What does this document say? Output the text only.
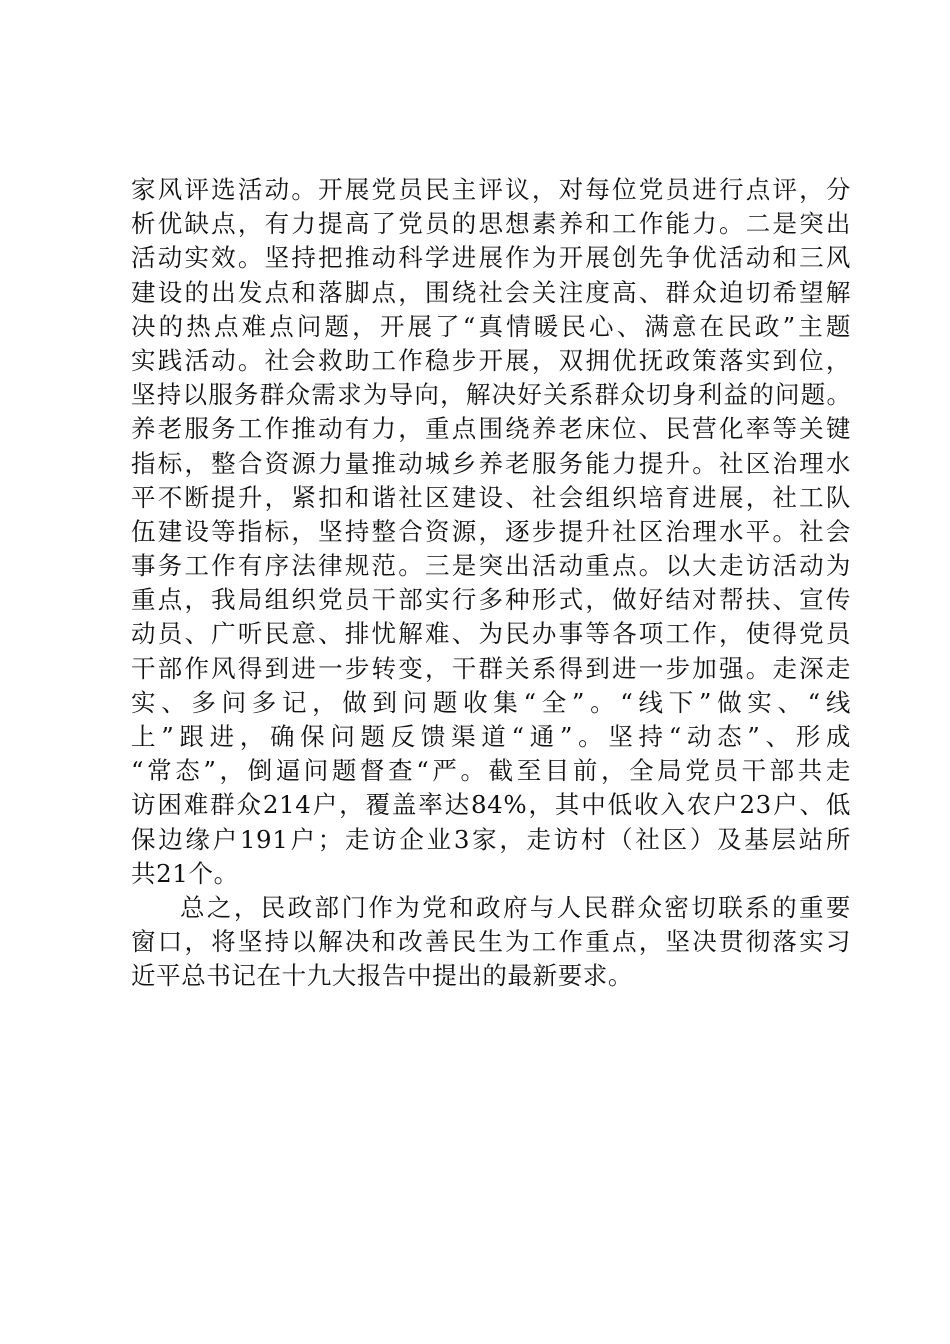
家风评选活动。开展党员民主评议，对每位党员进行点评，分
析优缺点，有力提高了党员的思想素养和工作能力。二是突出
活动实效。坚持把推动科学进展作为开展创先争优活动和三风
建设的出发点和落脚点，围绕社会关注度高、群众迫切希望解
决的热点难点问题，开展了“真情暖民心、满意在民政”主题
实践活动。社会救助工作稳步开展，双拥优抚政策落实到位，
坚持以服务群众需求为导向，解决好关系群众切身利益的问题。
养老服务工作推动有力，重点围绕养老床位、民营化率等关键
指标，整合资源力量推动城乡养老服务能力提升。社区治理水
平不断提升，紧扣和谐社区建设、社会组织培育进展，社工队
伍建设等指标，坚持整合资源，逐步提升社区治理水平。社会
事务工作有序法律规范。三是突出活动重点。以大走访活动为
重点，我局组织党员干部实行多种形式，做好结对帮扶、宣传
动员、广听民意、排忧解难、为民办事等各项工作，使得党员
干部作风得到进一步转变，干群关系得到进一步加强。走深走
实、多问多记，做到问题收集“全”。“线下”做实、“线
上”跟进，确保问题反馈渠道“通”。坚持“动态”、形成
“常态”，倒逼问题督查“严。截至目前，全局党员干部共走
访困难群众214户，覆盖率达84%，其中低收入农户23户、低
保边缘户191户；走访企业3家，走访村（社区）及基层站所
共21个。
总之，民政部门作为党和政府与人民群众密切联系的重要
窗口，将坚持以解决和改善民生为工作重点，坚决贯彻落实习
近平总书记在十九大报告中提出的最新要求。
